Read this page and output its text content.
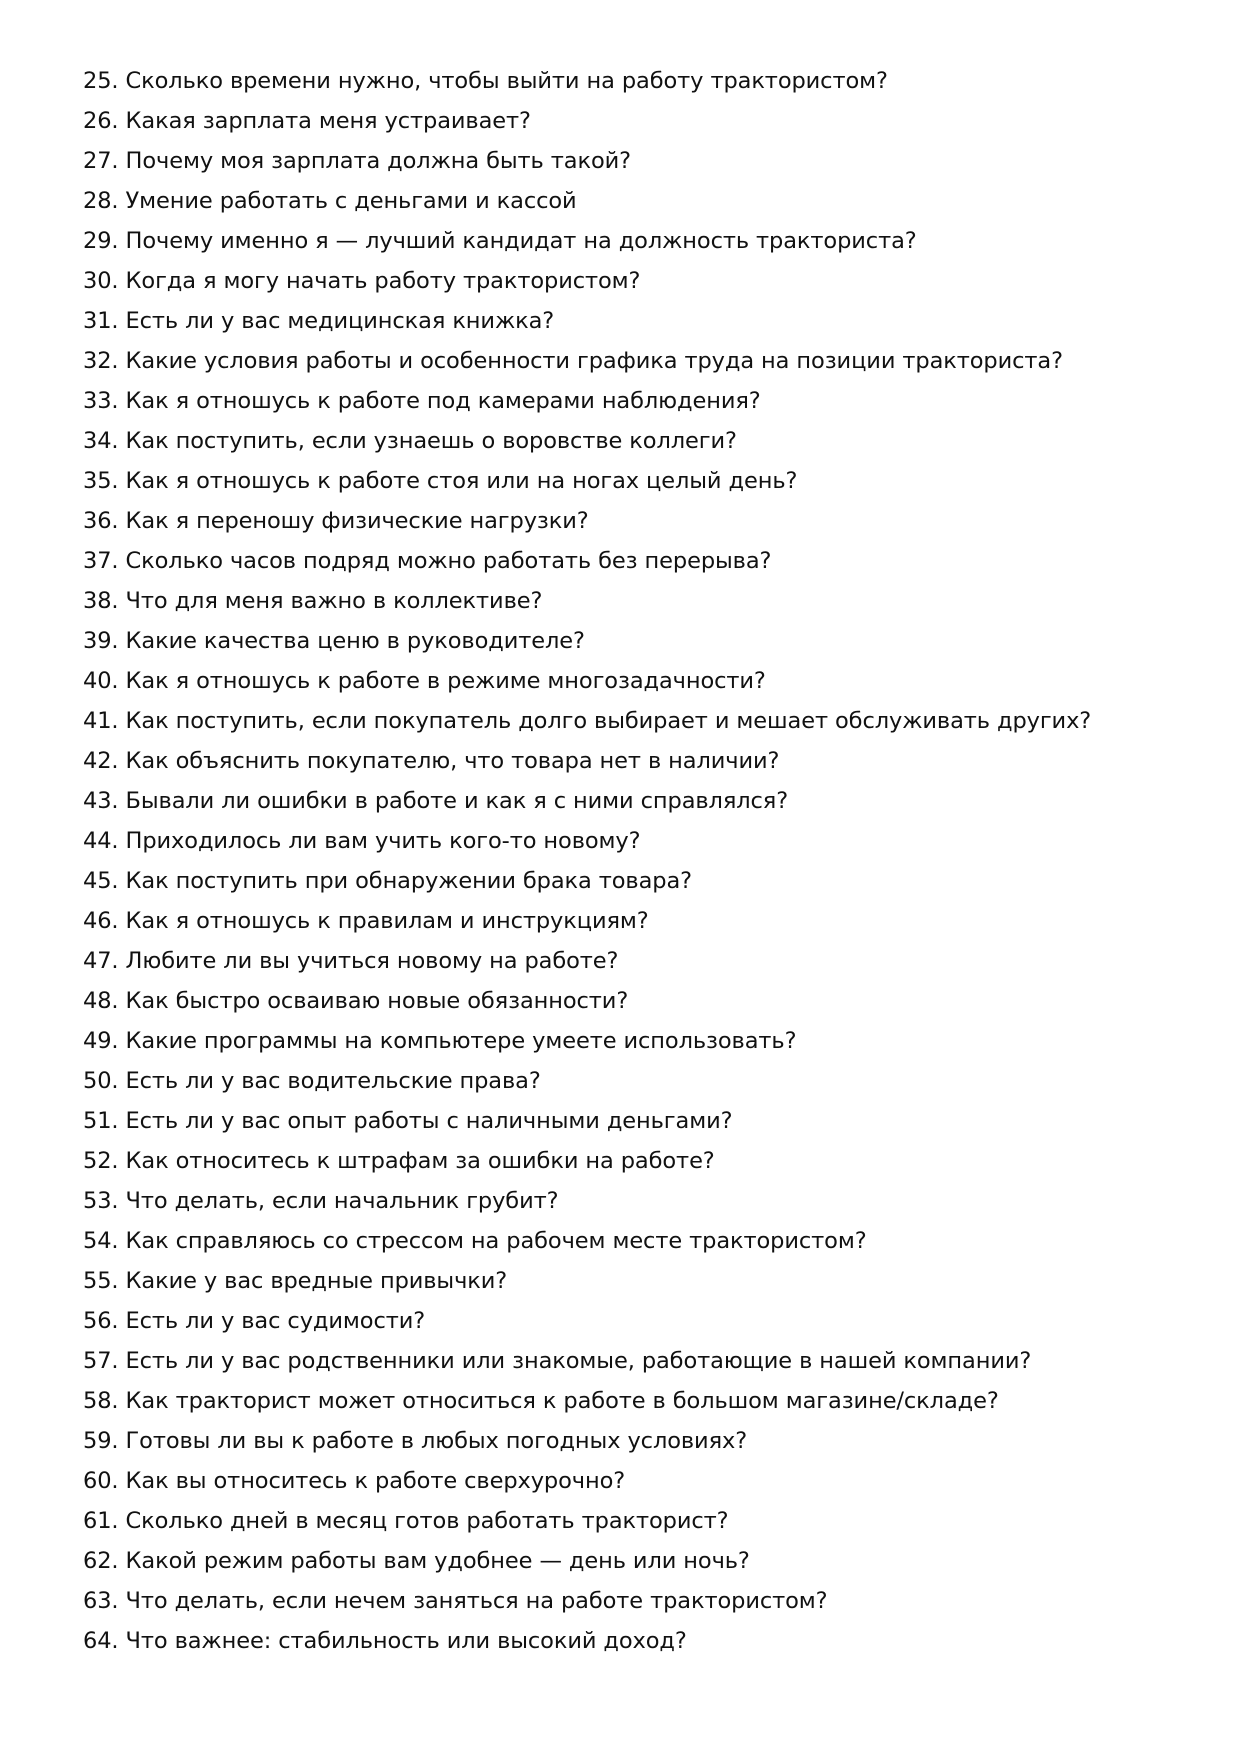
25. Сколько времени нужно, чтобы выйти на работу трактористом?
26. Какая зарплата меня устраивает?
27. Почему моя зарплата должна быть такой?
28. Умение работать с деньгами и кассой
29. Почему именно я — лучший кандидат на должность тракториста?
30. Когда я могу начать работу трактористом?
31. Есть ли у вас медицинская книжка?
32. Какие условия работы и особенности графика труда на позиции тракториста?
33. Как я отношусь к работе под камерами наблюдения?
34. Как поступить, если узнаешь о воровстве коллеги?
35. Как я отношусь к работе стоя или на ногах целый день?
36. Как я переношу физические нагрузки?
37. Сколько часов подряд можно работать без перерыва?
38. Что для меня важно в коллективе?
39. Какие качества ценю в руководителе?
40. Как я отношусь к работе в режиме многозадачности?
41. Как поступить, если покупатель долго выбирает и мешает обслуживать других?
42. Как объяснить покупателю, что товара нет в наличии?
43. Бывали ли ошибки в работе и как я с ними справлялся?
44. Приходилось ли вам учить кого-то новому?
45. Как поступить при обнаружении брака товара?
46. Как я отношусь к правилам и инструкциям?
47. Любите ли вы учиться новому на работе?
48. Как быстро осваиваю новые обязанности?
49. Какие программы на компьютере умеете использовать?
50. Есть ли у вас водительские права?
51. Есть ли у вас опыт работы с наличными деньгами?
52. Как относитесь к штрафам за ошибки на работе?
53. Что делать, если начальник грубит?
54. Как справляюсь со стрессом на рабочем месте трактористом?
55. Какие у вас вредные привычки?
56. Есть ли у вас судимости?
57. Есть ли у вас родственники или знакомые, работающие в нашей компании?
58. Как тракторист может относиться к работе в большом магазине/складе?
59. Готовы ли вы к работе в любых погодных условиях?
60. Как вы относитесь к работе сверхурочно?
61. Сколько дней в месяц готов работать тракторист?
62. Какой режим работы вам удобнее — день или ночь?
63. Что делать, если нечем заняться на работе трактористом?
64. Что важнее: стабильность или высокий доход?
